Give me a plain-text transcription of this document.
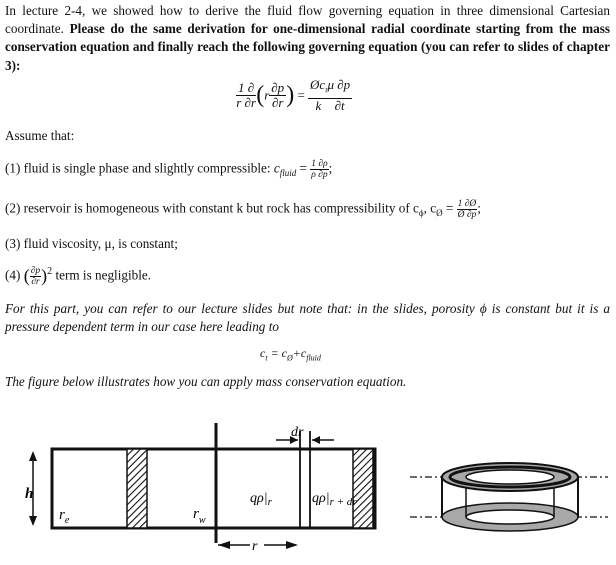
In lecture 2-4, we showed how to derive the fluid flow governing equation in three dimensional Cartesian coordinate. Please do the same derivation for one-dimensional radial coordinate starting from the mass conservation equation and finally reach the following governing equation (you can refer to slides of chapter 3):
$\frac{1 \partial}{r \partial r} (r \frac{\partial p}{\partial r}$ ) = $\frac{Øc_t\mu \partial p}{k \partial t}$
Assume that:
(1) fluid is single phase and slightly compressible: $c_{fluid} = \frac{1 \partial\rho}{\rho \partial p}$ ;
(2) reservoir is homogeneous with constant k but rock has compressibility of $c_\phi$, $c_Ø = \frac{1 \partial Ø}{Ø \partial p}$ ;
(3) fluid viscosity, μ, is constant;
(4) ( $\frac{\partial p}{\partial r} )^2$ term is negligible.
For this part, you can refer to our lecture slides but note that: in the slides, porosity ϕ is constant but it is a pressure dependent term in our case here leading to
$c_t = c_Ø+c_{fluid}$
The figure below illustrates how you can apply mass conservation equation.
dr
h
$r_e$	$r_w$
$q\rho|_r$	$q\rho|_{r + dr}$
r
